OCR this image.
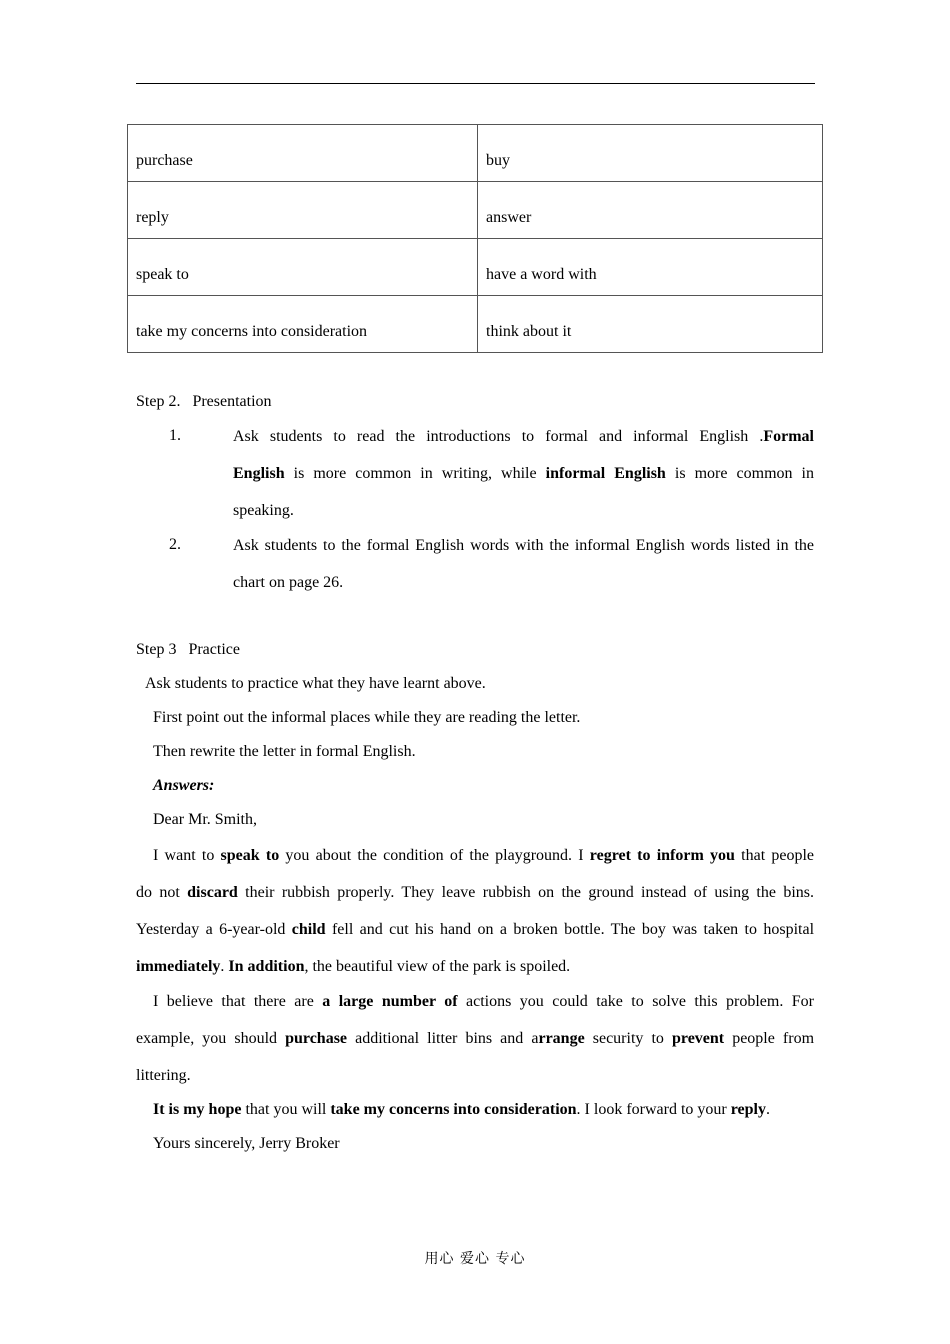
purchase	buy

reply	answer

speak to	have a word with

take my concerns into consideration	think about it
Step 2.   Presentation
1.	Ask students to read the introductions to formal and informal English .Formal
English is more common in writing, while informal English is more common in
speaking.
2.	Ask students to the formal English words with the informal English words listed in the
chart on page 26.
Step 3   Practice
Ask students to practice what they have learnt above.
First point out the informal places while they are reading the letter.
Then rewrite the letter in formal English.
Answers:
Dear Mr. Smith,
I want to speak to you about the condition of the playground. I regret to inform you that people
do not discard their rubbish properly. They leave rubbish on the ground instead of using the bins.
Yesterday a 6-year-old child fell and cut his hand on a broken bottle. The boy was taken to hospital
immediately. In addition, the beautiful view of the park is spoiled.
I believe that there are a large number of actions you could take to solve this problem. For
example, you should purchase additional litter bins and arrange security to prevent people from
littering.
It is my hope that you will take my concerns into consideration. I look forward to your reply.
Yours sincerely, Jerry Broker
用心 爱心 专心
